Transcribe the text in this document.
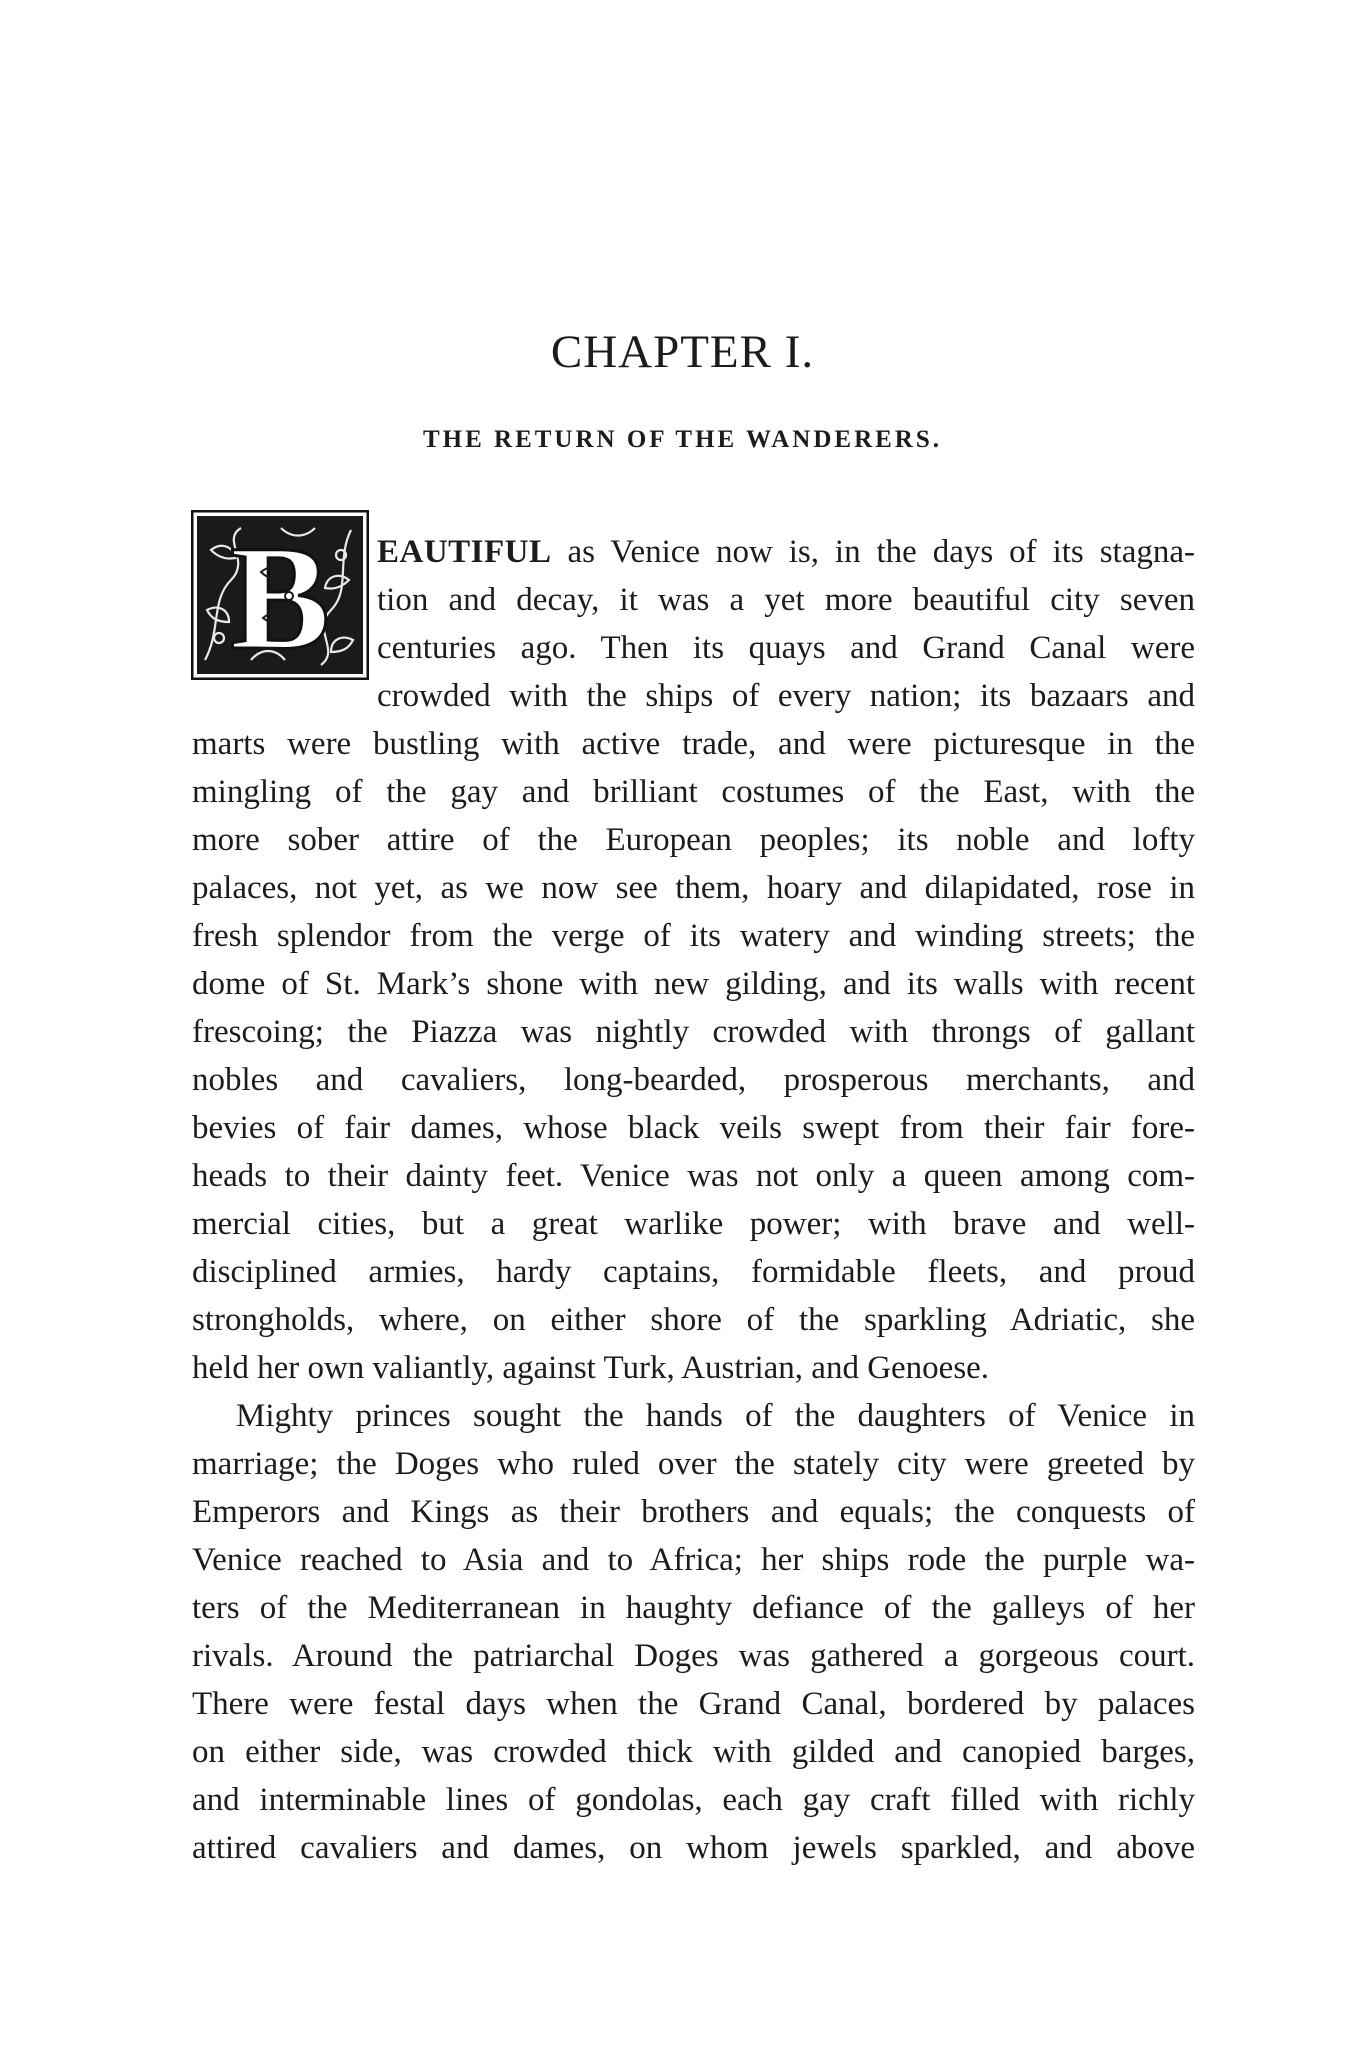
CHAPTER I.
THE RETURN OF THE WANDERERS.
B EAUTIFUL as Venice now is, in the days of its stagna-
tion and decay, it was a yet more beautiful city seven
centuries ago. Then its quays and Grand Canal were
crowded with the ships of every nation; its bazaars and
marts were bustling with active trade, and were picturesque in the
mingling of the gay and brilliant costumes of the East, with the
more sober attire of the European peoples; its noble and lofty
palaces, not yet, as we now see them, hoary and dilapidated, rose in
fresh splendor from the verge of its watery and winding streets; the
dome of St. Mark’s shone with new gilding, and its walls with recent
frescoing; the Piazza was nightly crowded with throngs of gallant
nobles and cavaliers, long-bearded, prosperous merchants, and
bevies of fair dames, whose black veils swept from their fair fore-
heads to their dainty feet. Venice was not only a queen among com-
mercial cities, but a great warlike power; with brave and well-
disciplined armies, hardy captains, formidable fleets, and proud
strongholds, where, on either shore of the sparkling Adriatic, she
held her own valiantly, against Turk, Austrian, and Genoese.
Mighty princes sought the hands of the daughters of Venice in
marriage; the Doges who ruled over the stately city were greeted by
Emperors and Kings as their brothers and equals; the conquests of
Venice reached to Asia and to Africa; her ships rode the purple wa-
ters of the Mediterranean in haughty defiance of the galleys of her
rivals. Around the patriarchal Doges was gathered a gorgeous court.
There were festal days when the Grand Canal, bordered by palaces
on either side, was crowded thick with gilded and canopied barges,
and interminable lines of gondolas, each gay craft filled with richly
attired cavaliers and dames, on whom jewels sparkled, and above
